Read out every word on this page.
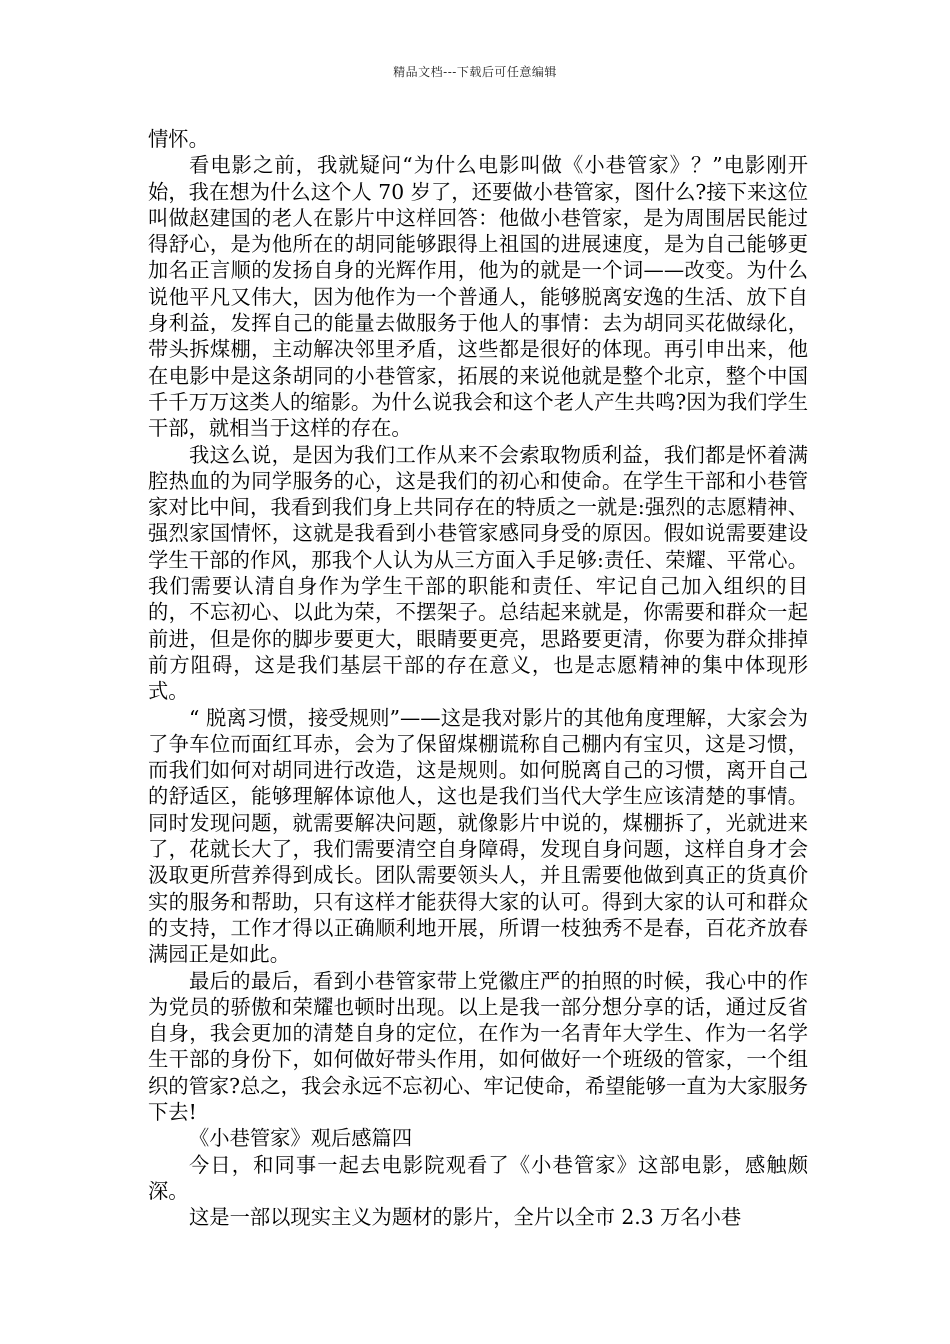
精品文档---下载后可任意编辑

情怀。

看电影之前，我就疑问“为什么电影叫做《小巷管家》？”电影刚开始，我在想为什么这个人 70 岁了，还要做小巷管家，图什么?接下来这位叫做赵建国的老人在影片中这样回答：他做小巷管家，是为周围居民能过得舒心，是为他所在的胡同能够跟得上祖国的进展速度，是为自己能够更加名正言顺的发扬自身的光辉作用，他为的就是一个词——改变。为什么说他平凡又伟大，因为他作为一个普通人，能够脱离安逸的生活、放下自身利益，发挥自己的能量去做服务于他人的事情：去为胡同买花做绿化，带头拆煤棚，主动解决邻里矛盾，这些都是很好的体现。再引申出来，他在电影中是这条胡同的小巷管家，拓展的来说他就是整个北京，整个中国千千万万这类人的缩影。为什么说我会和这个老人产生共鸣?因为我们学生干部，就相当于这样的存在。

我这么说，是因为我们工作从来不会索取物质利益，我们都是怀着满腔热血的为同学服务的心，这是我们的初心和使命。在学生干部和小巷管家对比中间，我看到我们身上共同存在的特质之一就是:强烈的志愿精神、强烈家国情怀，这就是我看到小巷管家感同身受的原因。假如说需要建设学生干部的作风，那我个人认为从三方面入手足够:责任、荣耀、平常心。我们需要认清自身作为学生干部的职能和责任、牢记自己加入组织的目的，不忘初心、以此为荣，不摆架子。总结起来就是，你需要和群众一起前进，但是你的脚步要更大，眼睛要更亮，思路要更清，你要为群众排掉前方阻碍，这是我们基层干部的存在意义，也是志愿精神的集中体现形式。

“ 脱离习惯，接受规则”——这是我对影片的其他角度理解，大家会为了争车位而面红耳赤，会为了保留煤棚谎称自己棚内有宝贝，这是习惯，而我们如何对胡同进行改造，这是规则。如何脱离自己的习惯，离开自己的舒适区，能够理解体谅他人，这也是我们当代大学生应该清楚的事情。同时发现问题，就需要解决问题，就像影片中说的，煤棚拆了，光就进来了，花就长大了，我们需要清空自身障碍，发现自身问题，这样自身才会汲取更所营养得到成长。团队需要领头人，并且需要他做到真正的货真价实的服务和帮助，只有这样才能获得大家的认可。得到大家的认可和群众的支持，工作才得以正确顺利地开展，所谓一枝独秀不是春，百花齐放春满园正是如此。

最后的最后，看到小巷管家带上党徽庄严的拍照的时候，我心中的作为党员的骄傲和荣耀也顿时出现。以上是我一部分想分享的话，通过反省自身，我会更加的清楚自身的定位，在作为一名青年大学生、作为一名学生干部的身份下，如何做好带头作用，如何做好一个班级的管家，一个组织的管家?总之，我会永远不忘初心、牢记使命，希望能够一直为大家服务下去!

《小巷管家》观后感篇四

今日，和同事一起去电影院观看了《小巷管家》这部电影，感触颇深。

这是一部以现实主义为题材的影片，全片以全市 2.3 万名小巷
